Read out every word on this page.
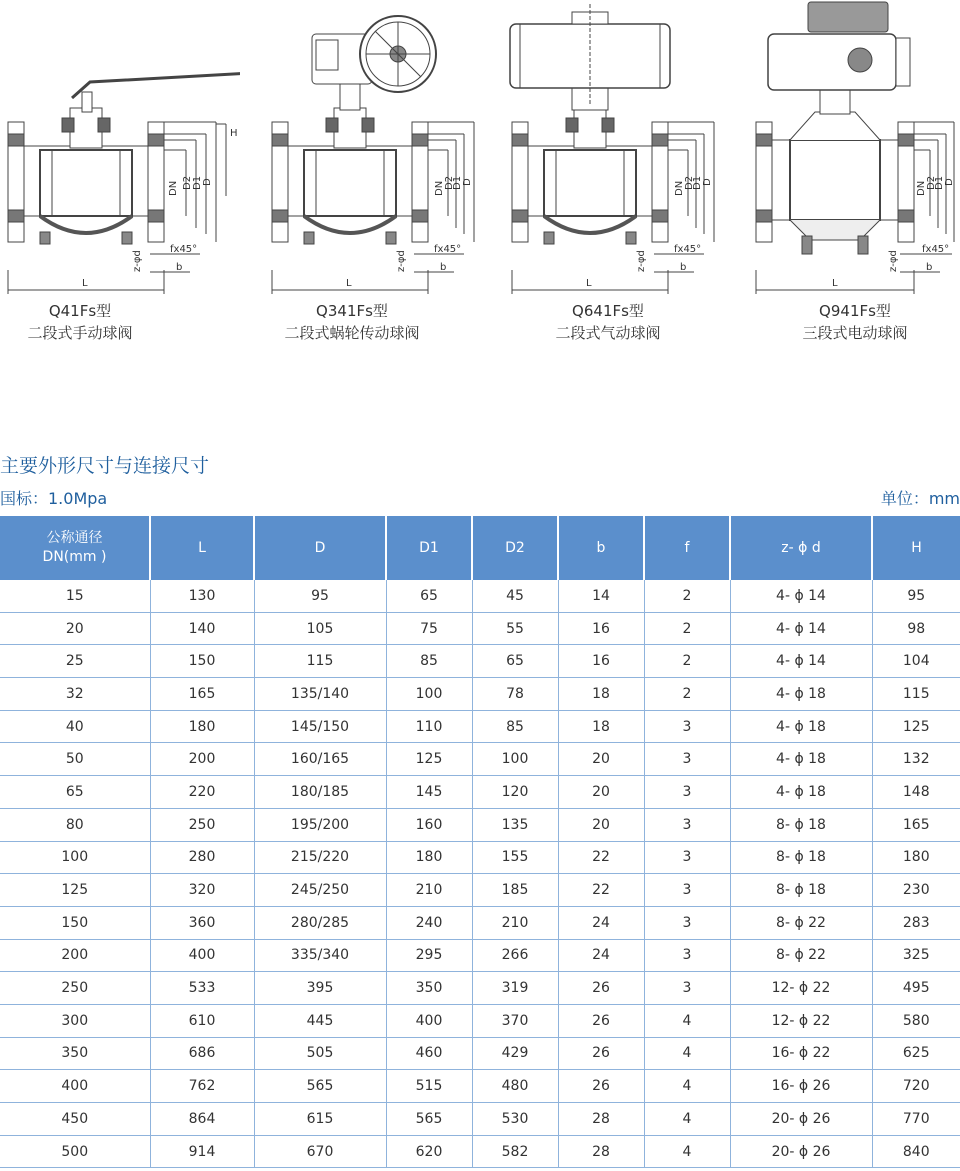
L
DN D2 D1 D
H
fx45°
b
z-φd
L
DN D2
D1 D
fx45°
b
z-φd
L
DN D2
D1 D
fx45°
b
z-φd
L
DN D2
D1 D
fx45°
b
z-φd
Q41Fs型
二段式手动球阀
Q341Fs型
二段式蜗轮传动球阀
Q641Fs型
二段式气动球阀
Q941Fs型
三段式电动球阀
主要外形尺寸与连接尺寸
国标：1.0Mpa	单位：mm
公称通径
DN(mm )	L	D	D1	D2	b	f	z- ϕ d	H
15	130	95	65	45	14	2	4- ϕ 14	95
20	140	105	75	55	16	2	4- ϕ 14	98
25	150	115	85	65	16	2	4- ϕ 14	104
32	165	135/140	100	78	18	2	4- ϕ 18	115
40	180	145/150	110	85	18	3	4- ϕ 18	125
50	200	160/165	125	100	20	3	4- ϕ 18	132
65	220	180/185	145	120	20	3	4- ϕ 18	148
80	250	195/200	160	135	20	3	8- ϕ 18	165
100	280	215/220	180	155	22	3	8- ϕ 18	180
125	320	245/250	210	185	22	3	8- ϕ 18	230
150	360	280/285	240	210	24	3	8- ϕ 22	283
200	400	335/340	295	266	24	3	8- ϕ 22	325
250	533	395	350	319	26	3	12- ϕ 22	495
300	610	445	400	370	26	4	12- ϕ 22	580
350	686	505	460	429	26	4	16- ϕ 22	625
400	762	565	515	480	26	4	16- ϕ 26	720
450	864	615	565	530	28	4	20- ϕ 26	770
500	914	670	620	582	28	4	20- ϕ 26	840
